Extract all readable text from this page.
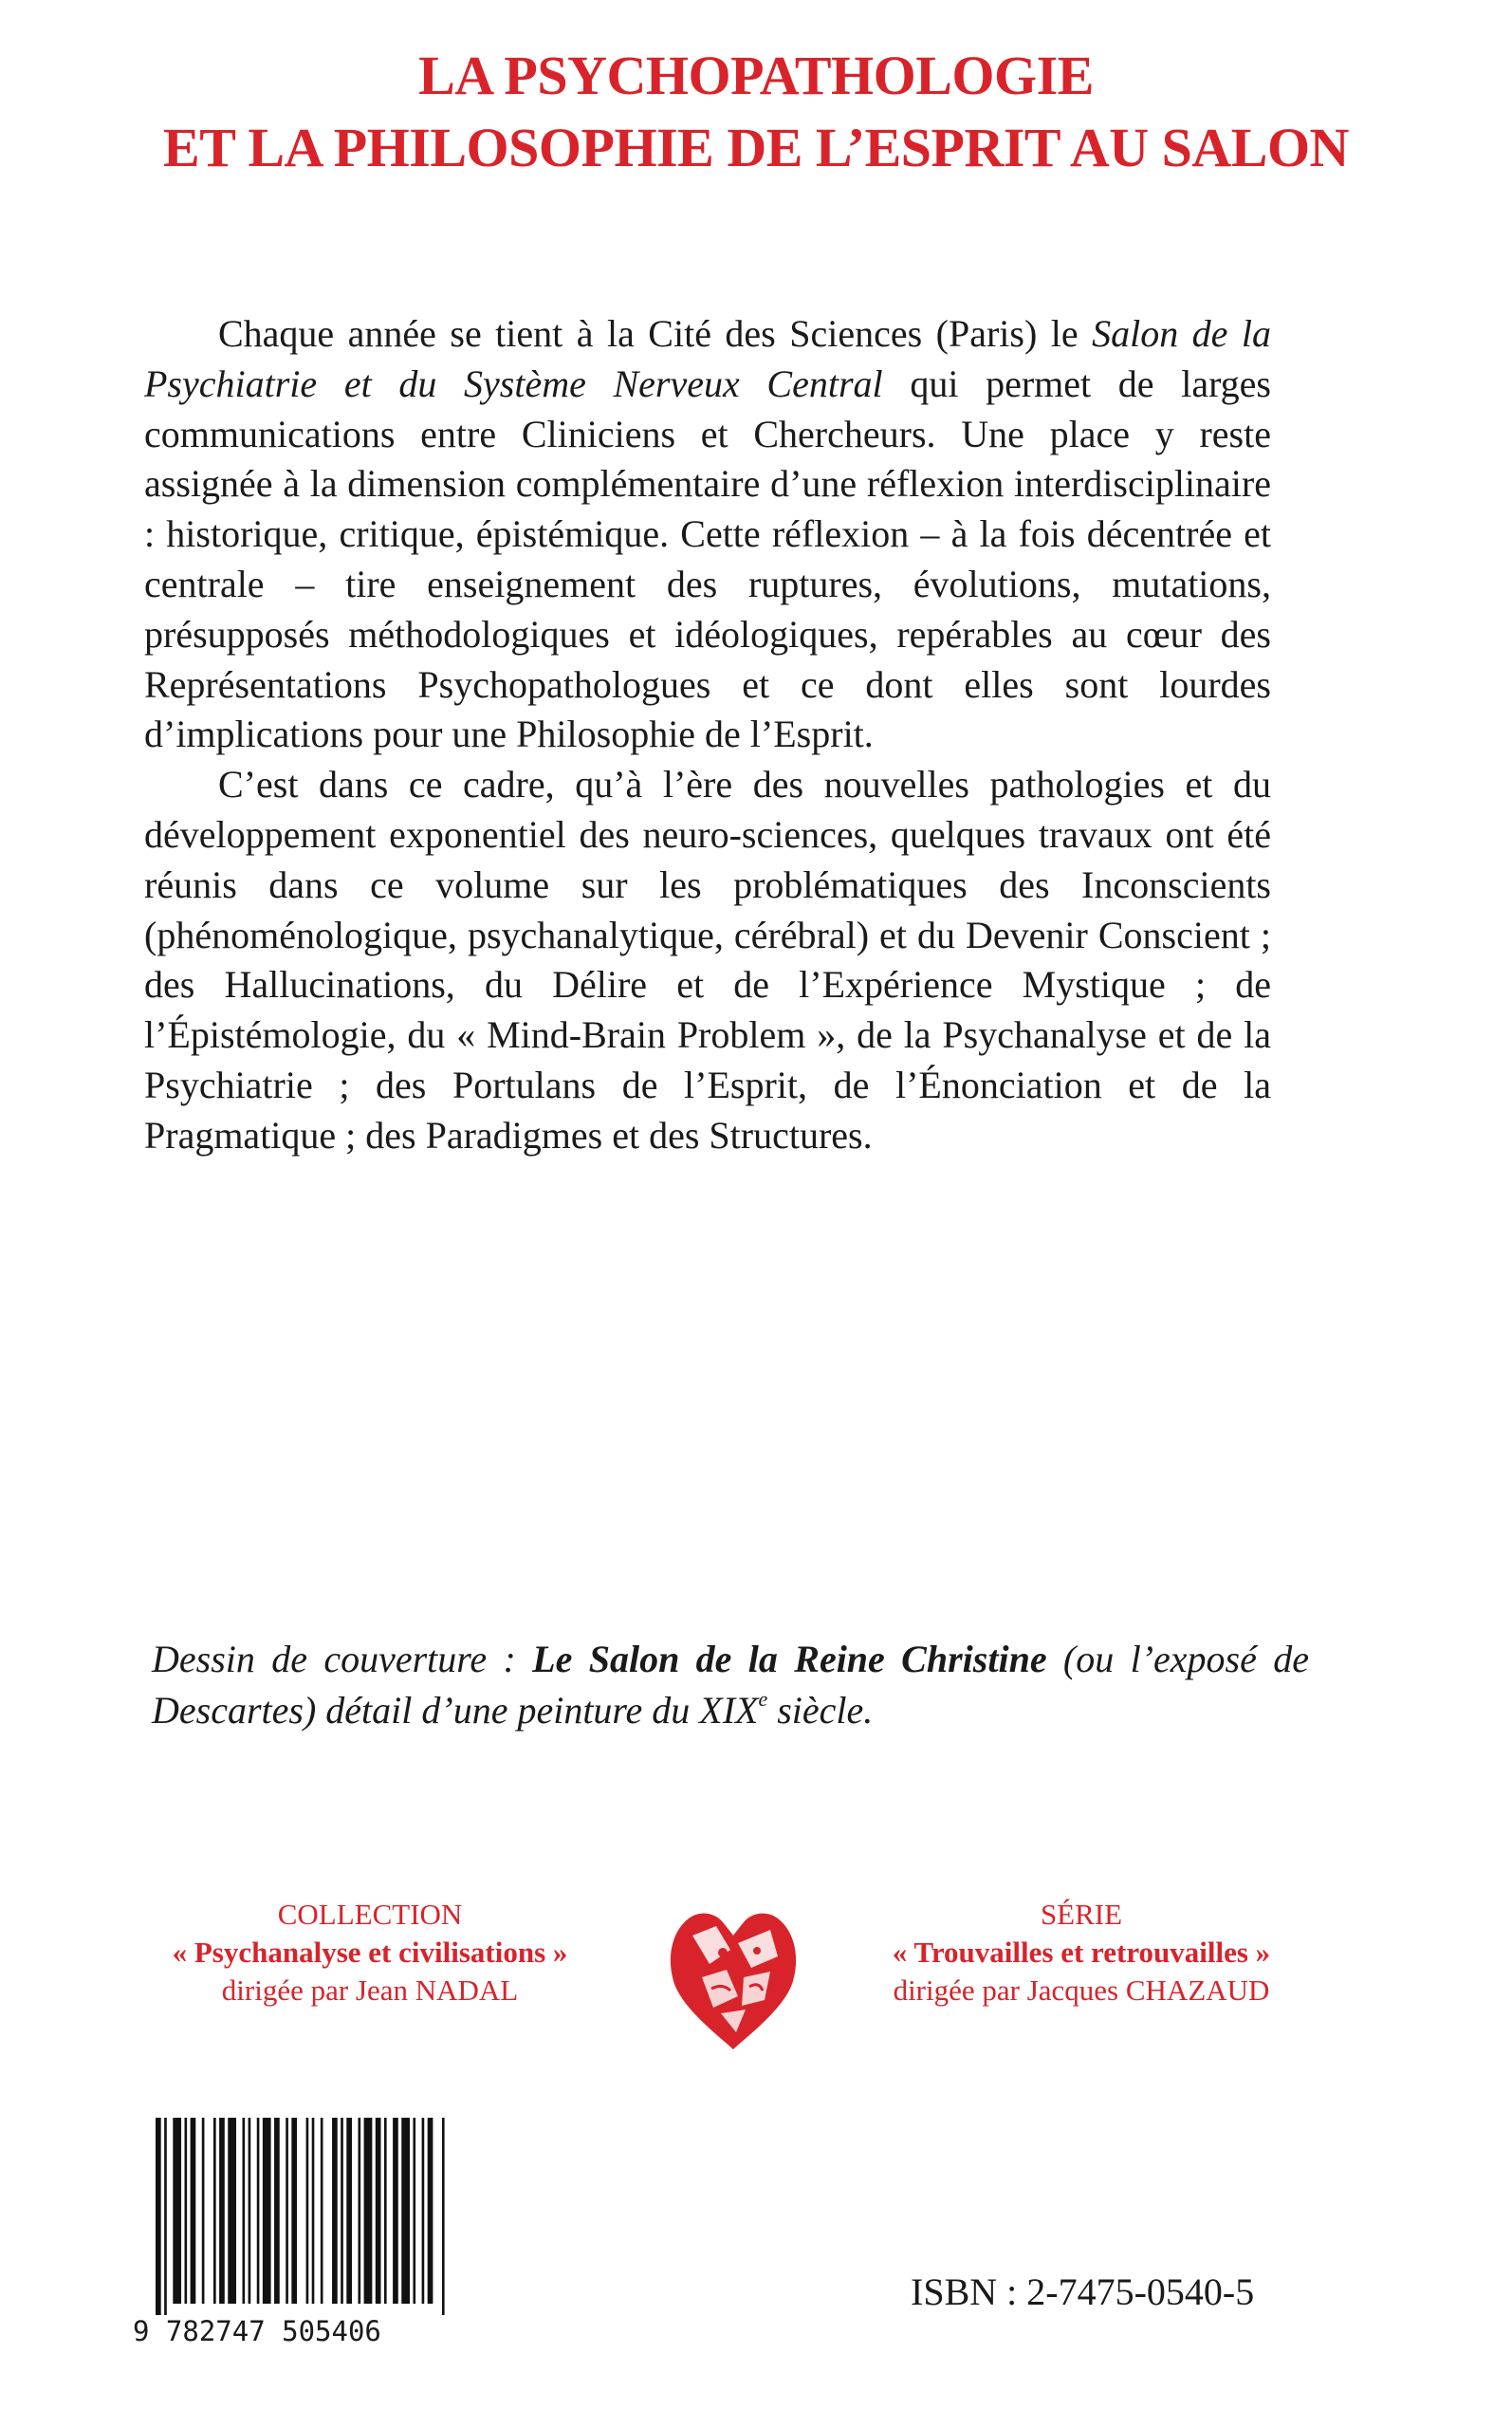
LA PSYCHOPATHOLOGIE
ET LA PHILOSOPHIE DE L’ESPRIT AU SALON

Chaque année se tient à la Cité des Sciences (Paris) le Salon de la Psychiatrie et du Système Nerveux Central qui permet de larges communications entre Cliniciens et Chercheurs. Une place y reste assignée à la dimension complémentaire d’une réflexion interdisciplinaire : historique, critique, épistémique. Cette réflexion – à la fois décentrée et centrale – tire enseignement des ruptures, évolutions, mutations, présupposés méthodologiques et idéologiques, repérables au cœur des Représentations Psychopathologues et ce dont elles sont lourdes d’implications pour une Philosophie de l’Esprit.

C’est dans ce cadre, qu’à l’ère des nouvelles pathologies et du développement exponentiel des neuro-sciences, quelques travaux ont été réunis dans ce volume sur les problématiques des Inconscients (phénoménologique, psychanalytique, cérébral) et du Devenir Conscient ; des Hallucinations, du Délire et de l’Expérience Mystique ; de l’Épistémologie, du « Mind-Brain Problem », de la Psychanalyse et de la Psychiatrie ; des Portulans de l’Esprit, de l’Énonciation et de la Pragmatique ; des Paradigmes et des Structures.

Dessin de couverture : Le Salon de la Reine Christine (ou l’exposé de Descartes) détail d’une peinture du XIXe siècle.
COLLECTION
« Psychanalyse et civilisations »
dirigée par Jean NADAL
SÉRIE
« Trouvailles et retrouvailles »
dirigée par Jacques CHAZAUD
9 782747 505406
ISBN : 2-7475-0540-5
